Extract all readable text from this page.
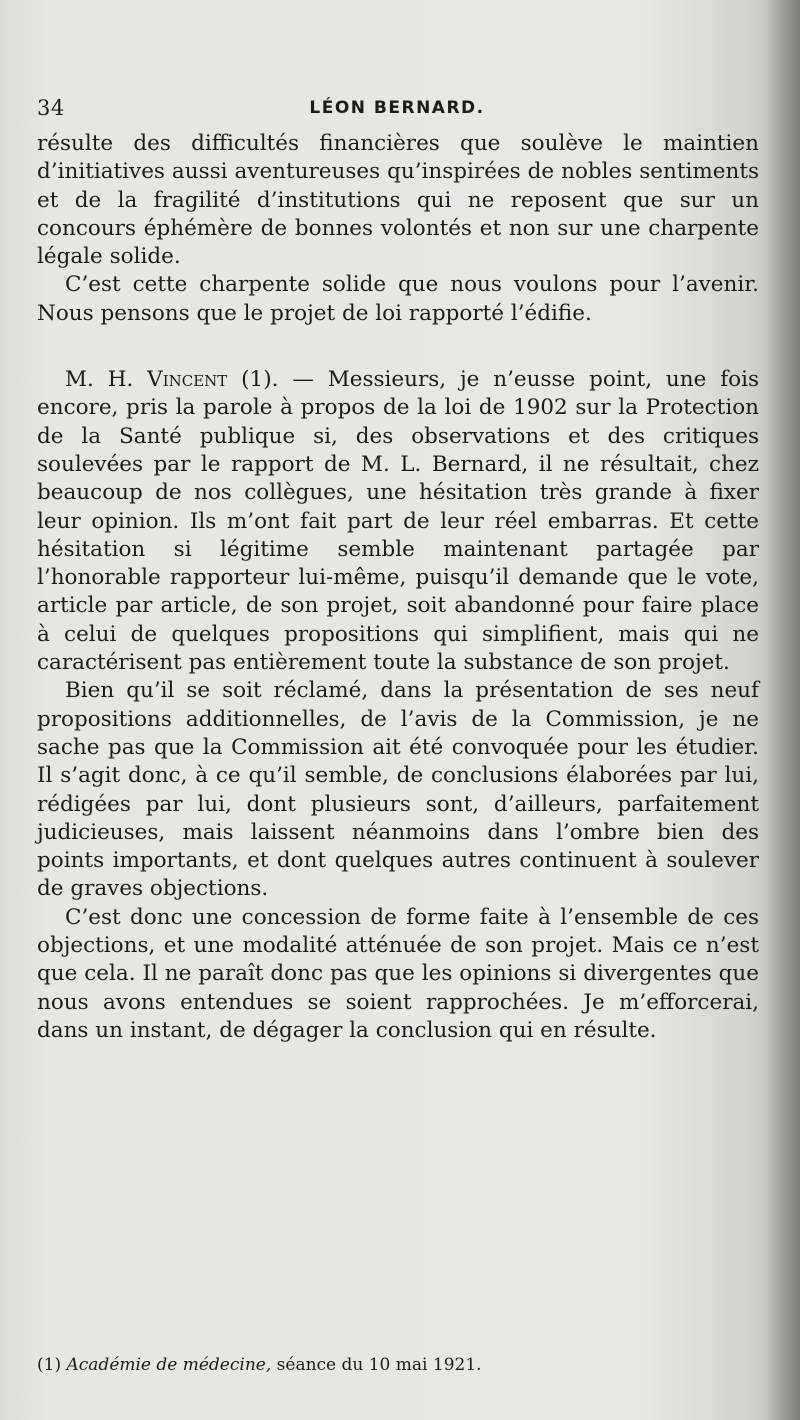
34	LÉON BERNARD.

résulte des difficultés financières que soulève le maintien d’initiatives aussi aventureuses qu’inspirées de nobles sentiments et de la fragilité d’institutions qui ne reposent que sur un concours éphémère de bonnes volontés et non sur une charpente légale solide.

C’est cette charpente solide que nous voulons pour l’avenir. Nous pensons que le projet de loi rapporté l’édifie.

M. H. Vincent (1). — Messieurs, je n’eusse point, une fois encore, pris la parole à propos de la loi de 1902 sur la Protection de la Santé publique si, des observations et des critiques soulevées par le rapport de M. L. Bernard, il ne résultait, chez beaucoup de nos collègues, une hésitation très grande à fixer leur opinion. Ils m’ont fait part de leur réel embarras. Et cette hésitation si légitime semble maintenant partagée par l’honorable rapporteur lui-même, puisqu’il demande que le vote, article par article, de son projet, soit abandonné pour faire place à celui de quelques propositions qui simplifient, mais qui ne caractérisent pas entièrement toute la substance de son projet.

Bien qu’il se soit réclamé, dans la présentation de ses neuf propositions additionnelles, de l’avis de la Commission, je ne sache pas que la Commission ait été convoquée pour les étudier. Il s’agit donc, à ce qu’il semble, de conclusions élaborées par lui, rédigées par lui, dont plusieurs sont, d’ailleurs, parfaitement judicieuses, mais laissent néanmoins dans l’ombre bien des points importants, et dont quelques autres continuent à soulever de graves objections.

C’est donc une concession de forme faite à l’ensemble de ces objections, et une modalité atténuée de son projet. Mais ce n’est que cela. Il ne paraît donc pas que les opinions si divergentes que nous avons entendues se soient rapprochées. Je m’efforcerai, dans un instant, de dégager la conclusion qui en résulte.

(1) Académie de médecine, séance du 10 mai 1921.
